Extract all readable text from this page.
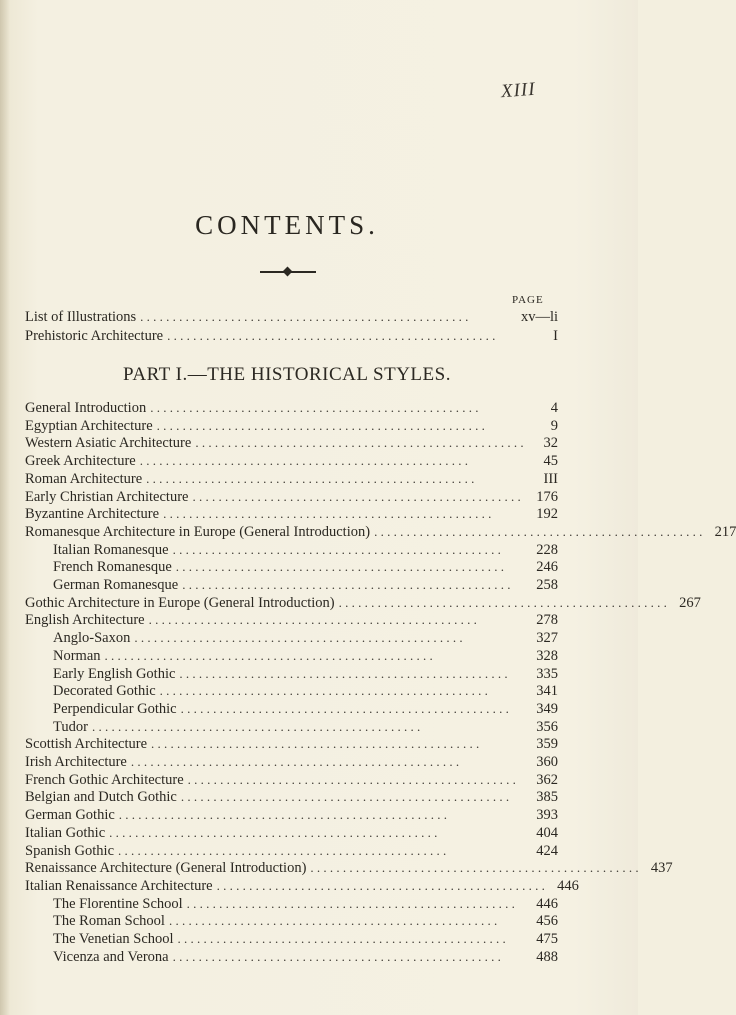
XIII
CONTENTS.
PAGE
List of Illustrations . . . . . . . . . . . . . . . . . . . . . . . . . . . . . . . . . . . . . . . . . . . . . . . . . . .	xv—li
Prehistoric Architecture . . . . . . . . . . . . . . . . . . . . . . . . . . . . . . . . . . . . . . . . . . . . . . . . . . .	I
PART I.—THE HISTORICAL STYLES.
General Introduction . . . . . . . . . . . . . . . . . . . . . . . . . . . . . . . . . . . . . . . . . . . . . . . . . . .	4
Egyptian Architecture . . . . . . . . . . . . . . . . . . . . . . . . . . . . . . . . . . . . . . . . . . . . . . . . . . .	9
Western Asiatic Architecture . . . . . . . . . . . . . . . . . . . . . . . . . . . . . . . . . . . . . . . . . . . . . . . . . . .	32
Greek Architecture . . . . . . . . . . . . . . . . . . . . . . . . . . . . . . . . . . . . . . . . . . . . . . . . . . .	45
Roman Architecture . . . . . . . . . . . . . . . . . . . . . . . . . . . . . . . . . . . . . . . . . . . . . . . . . . .	III
Early Christian Architecture . . . . . . . . . . . . . . . . . . . . . . . . . . . . . . . . . . . . . . . . . . . . . . . . . . .	176
Byzantine Architecture . . . . . . . . . . . . . . . . . . . . . . . . . . . . . . . . . . . . . . . . . . . . . . . . . . .	192
Romanesque Architecture in Europe (General Introduction) . . . . . . . . . . . . . . . . . . . . . . . . . . . . . . . . . . . . . . . . . . . . . . . . . . . 217
Italian Romanesque . . . . . . . . . . . . . . . . . . . . . . . . . . . . . . . . . . . . . . . . . . . . . . . . . . .	228
French Romanesque . . . . . . . . . . . . . . . . . . . . . . . . . . . . . . . . . . . . . . . . . . . . . . . . . . .	246
German Romanesque . . . . . . . . . . . . . . . . . . . . . . . . . . . . . . . . . . . . . . . . . . . . . . . . . . .	258
Gothic Architecture in Europe (General Introduction) . . . . . . . . . . . . . . . . . . . . . . . . . . . . . . . . . . . . . . . . . . . . . . . . . . . 267
English Architecture . . . . . . . . . . . . . . . . . . . . . . . . . . . . . . . . . . . . . . . . . . . . . . . . . . .	278
Anglo-Saxon . . . . . . . . . . . . . . . . . . . . . . . . . . . . . . . . . . . . . . . . . . . . . . . . . . .	327
Norman . . . . . . . . . . . . . . . . . . . . . . . . . . . . . . . . . . . . . . . . . . . . . . . . . . .	328
Early English Gothic . . . . . . . . . . . . . . . . . . . . . . . . . . . . . . . . . . . . . . . . . . . . . . . . . . .	335
Decorated Gothic . . . . . . . . . . . . . . . . . . . . . . . . . . . . . . . . . . . . . . . . . . . . . . . . . . .	341
Perpendicular Gothic . . . . . . . . . . . . . . . . . . . . . . . . . . . . . . . . . . . . . . . . . . . . . . . . . . .	349
Tudor . . . . . . . . . . . . . . . . . . . . . . . . . . . . . . . . . . . . . . . . . . . . . . . . . . .	356
Scottish Architecture . . . . . . . . . . . . . . . . . . . . . . . . . . . . . . . . . . . . . . . . . . . . . . . . . . .	359
Irish Architecture . . . . . . . . . . . . . . . . . . . . . . . . . . . . . . . . . . . . . . . . . . . . . . . . . . .	360
French Gothic Architecture . . . . . . . . . . . . . . . . . . . . . . . . . . . . . . . . . . . . . . . . . . . . . . . . . . .	362
Belgian and Dutch Gothic . . . . . . . . . . . . . . . . . . . . . . . . . . . . . . . . . . . . . . . . . . . . . . . . . . .	385
German Gothic . . . . . . . . . . . . . . . . . . . . . . . . . . . . . . . . . . . . . . . . . . . . . . . . . . .	393
Italian Gothic . . . . . . . . . . . . . . . . . . . . . . . . . . . . . . . . . . . . . . . . . . . . . . . . . . .	404
Spanish Gothic . . . . . . . . . . . . . . . . . . . . . . . . . . . . . . . . . . . . . . . . . . . . . . . . . . .	424
Renaissance Architecture (General Introduction) . . . . . . . . . . . . . . . . . . . . . . . . . . . . . . . . . . . . . . . . . . . . . . . . . . . 437
Italian Renaissance Architecture . . . . . . . . . . . . . . . . . . . . . . . . . . . . . . . . . . . . . . . . . . . . . . . . . . . 446
The Florentine School . . . . . . . . . . . . . . . . . . . . . . . . . . . . . . . . . . . . . . . . . . . . . . . . . . .	446
The Roman School . . . . . . . . . . . . . . . . . . . . . . . . . . . . . . . . . . . . . . . . . . . . . . . . . . .	456
The Venetian School . . . . . . . . . . . . . . . . . . . . . . . . . . . . . . . . . . . . . . . . . . . . . . . . . . .	475
Vicenza and Verona . . . . . . . . . . . . . . . . . . . . . . . . . . . . . . . . . . . . . . . . . . . . . . . . . . .	488
